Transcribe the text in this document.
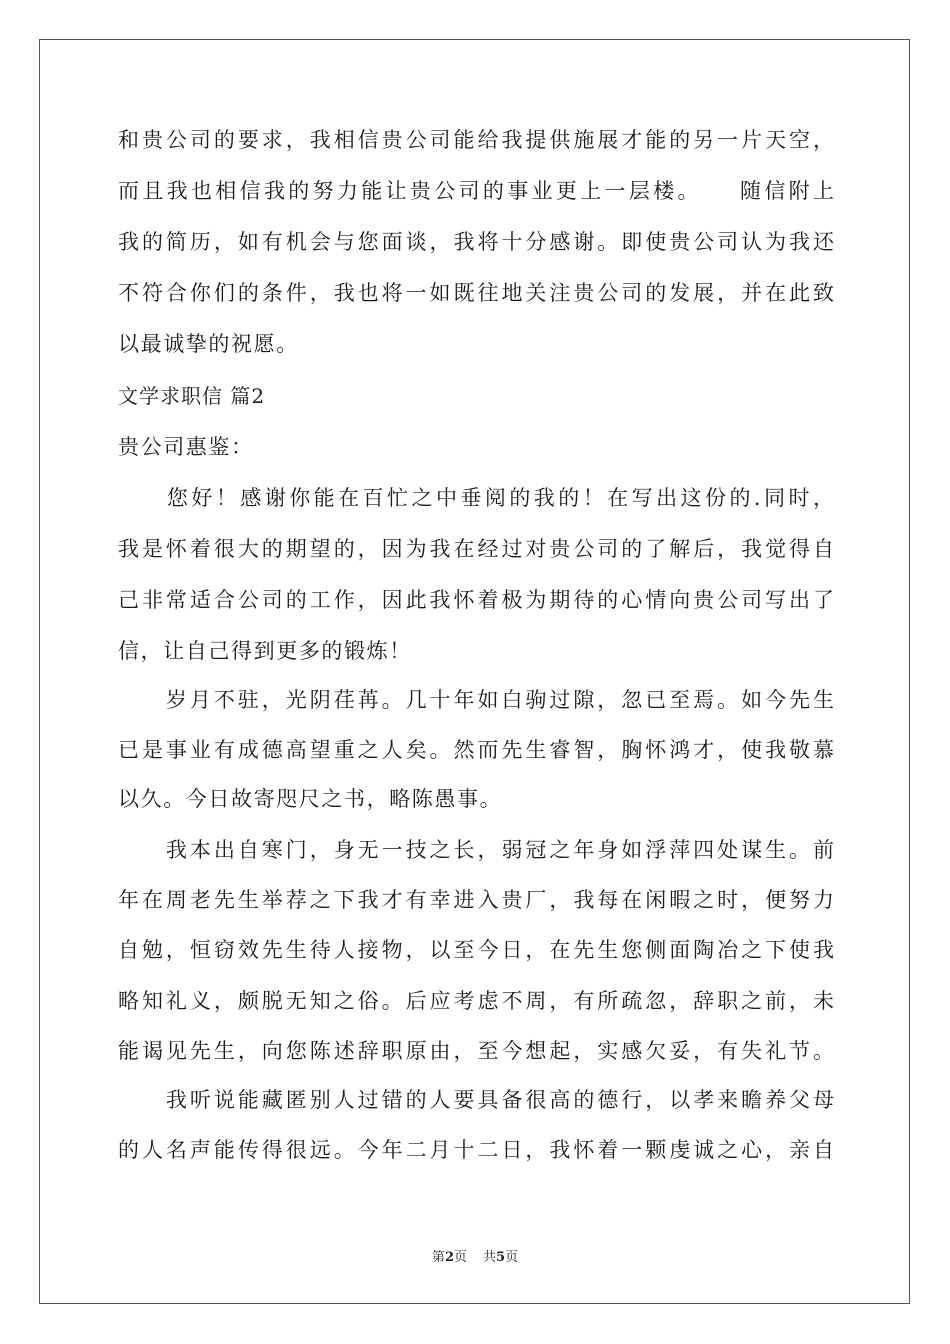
和贵公司的要求，我相信贵公司能给我提供施展才能的另一片天空，
而且我也相信我的努力能让贵公司的事业更上一层楼。　　随信附上
我的简历，如有机会与您面谈，我将十分感谢。即使贵公司认为我还
不符合你们的条件，我也将一如既往地关注贵公司的发展，并在此致
以最诚挚的祝愿。
文学求职信 篇2
贵公司惠鉴：
　　您好！感谢你能在百忙之中垂阅的我的！在写出这份的.同时，
我是怀着很大的期望的，因为我在经过对贵公司的了解后，我觉得自
己非常适合公司的工作，因此我怀着极为期待的心情向贵公司写出了
信，让自己得到更多的锻炼！
　　岁月不驻，光阴荏苒。几十年如白驹过隙，忽已至焉。如今先生
已是事业有成德高望重之人矣。然而先生睿智，胸怀鸿才，使我敬慕
以久。今日故寄咫尺之书，略陈愚事。
　　我本出自寒门，身无一技之长，弱冠之年身如浮萍四处谋生。前
年在周老先生举荐之下我才有幸进入贵厂，我每在闲暇之时，便努力
自勉，恒窃效先生待人接物，以至今日，在先生您侧面陶冶之下使我
略知礼义，颇脱无知之俗。后应考虑不周，有所疏忽，辞职之前，未
能谒见先生，向您陈述辞职原由，至今想起，实感欠妥，有失礼节。
　　我听说能藏匿别人过错的人要具备很高的德行，以孝来瞻养父母
的人名声能传得很远。今年二月十二日，我怀着一颗虔诚之心，亲自
第2页 共5页
